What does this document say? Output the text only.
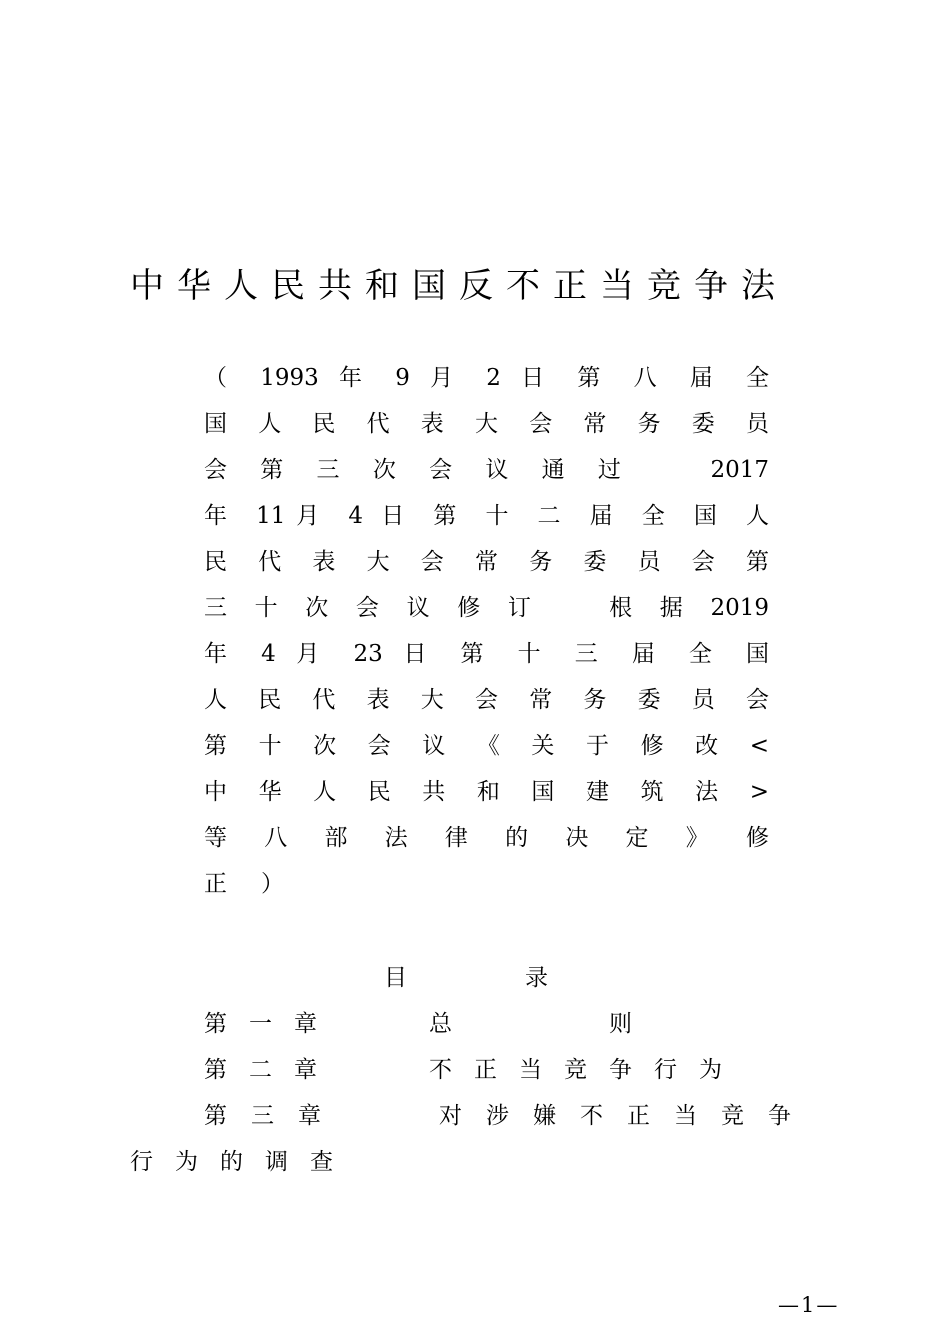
中华人民共和国反不正当竞争法
（ 1993 年 9 月 2 日 第 八 届 全
国 人 民 代 表 大 会 常 务 委 员
会 第 三 次 会 议 通 过 　 2017
年 11月 4 日 第 十 二 届 全 国 人
民 代 表 大 会 常 务 委 员 会 第
三 十 次 会 议 修 订 　 根 据 2019
年 4 月 23 日 第 十 三 届 全 国
人 民 代 表 大 会 常 务 委 员 会
第 十 次 会 议 《 关 于 修 改 <
中 华 人 民 共 和 国 建 筑 法 >
等 八 部 法 律 的 决 定 》 修
正 ）
目	录
第一章　　总　　　则
第二章　　不正当竞争行为
第三章　　对涉嫌不正当竞争
行为的调查
—1—
